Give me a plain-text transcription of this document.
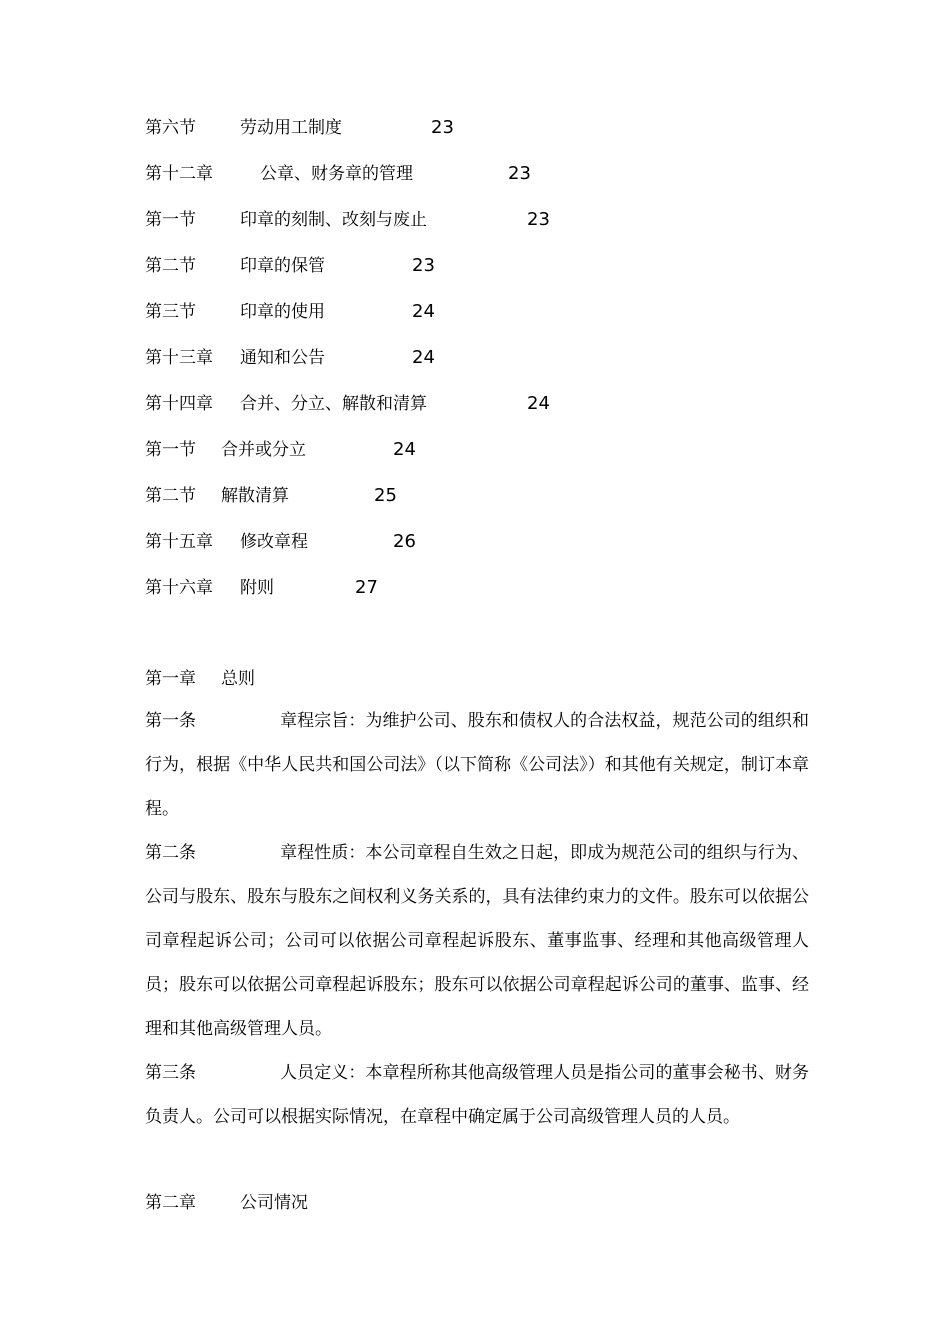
第六节	劳动用工制度	23
第十二章	公章、财务章的管理	23
第一节	印章的刻制、改刻与废止	23
第二节	印章的保管	23
第三节	印章的使用	24
第十三章 通知和公告	24
第十四章 合并、分立、解散和清算	24
第一节 合并或分立	24
第二节 解散清算	25
第十五章 修改章程	26
第十六章 附则	27
第一章 总则

第一条	章程宗旨：为维护公司、股东和债权人的合法权益，规范公司的组织和行为，根据《中华人民共和国公司法》（以下简称《公司法》）和其他有关规定，制订本章程。

第二条	章程性质：本公司章程自生效之日起，即成为规范公司的组织与行为、公司与股东、股东与股东之间权利义务关系的，具有法律约束力的文件。股东可以依据公司章程起诉公司；公司可以依据公司章程起诉股东、董事监事、经理和其他高级管理人员；股东可以依据公司章程起诉股东；股东可以依据公司章程起诉公司的董事、监事、经理和其他高级管理人员。

第三条	人员定义：本章程所称其他高级管理人员是指公司的董事会秘书、财务负责人。公司可以根据实际情况，在章程中确定属于公司高级管理人员的人员。

第二章	公司情况
